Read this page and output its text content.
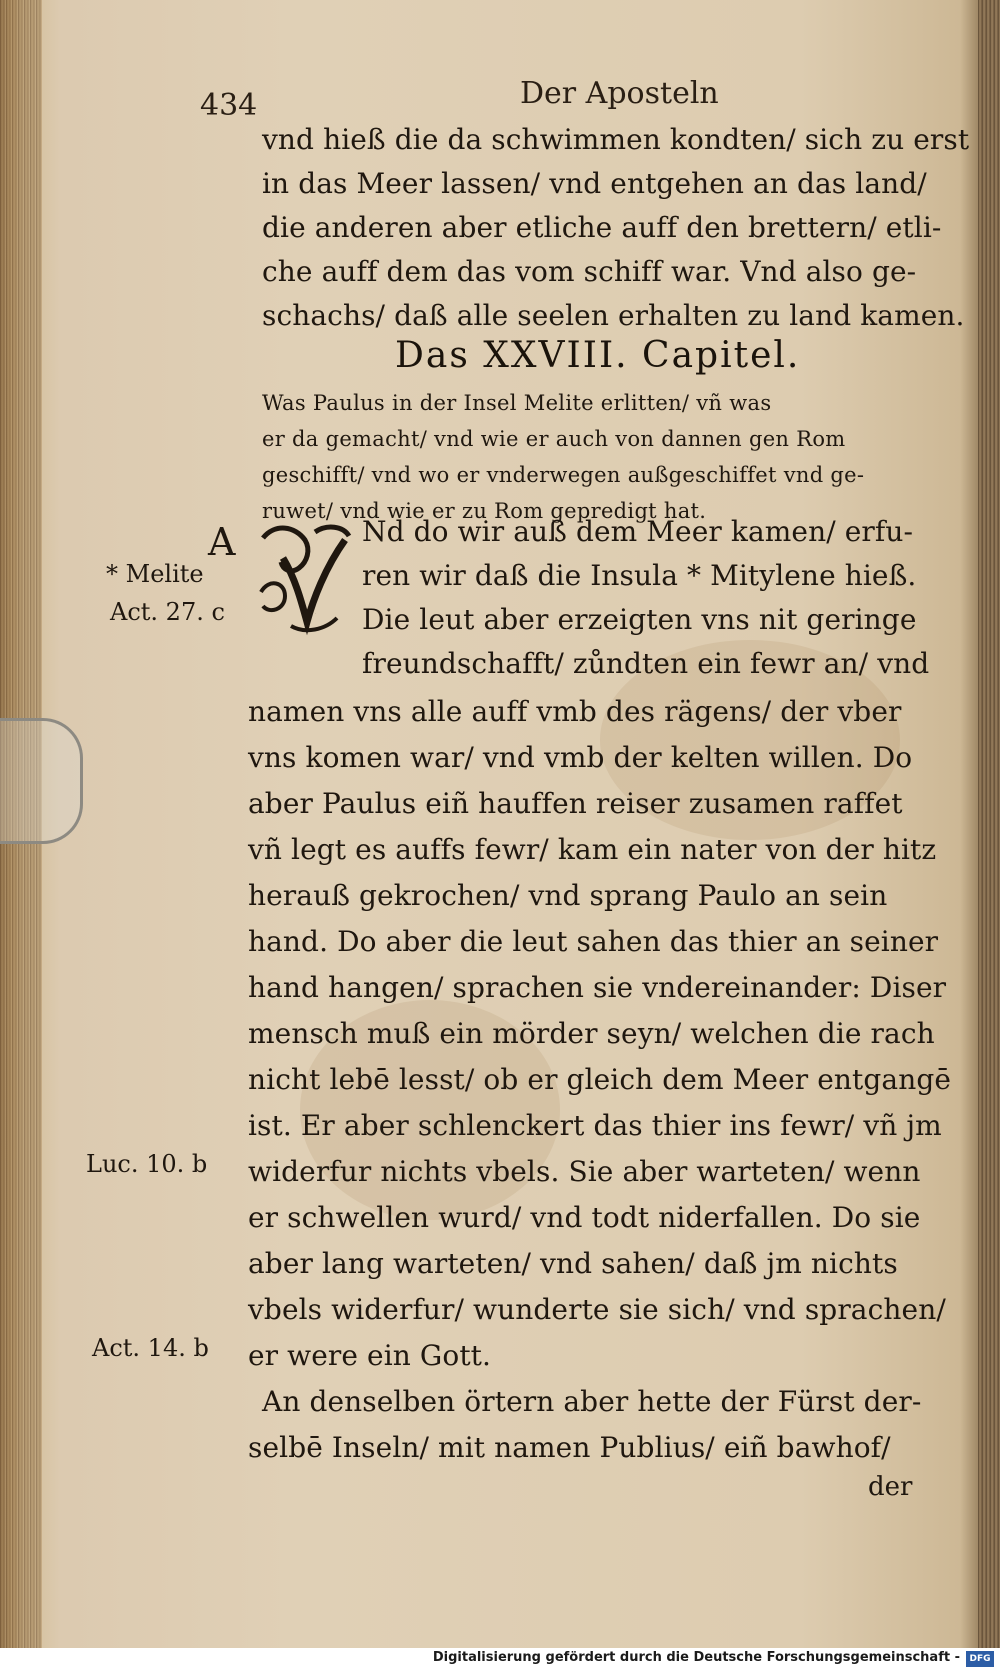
434	Der Aposteln
vnd hieß die da schwimmen kondten/ sich zu erst
in das Meer lassen/ vnd entgehen an das land/
die anderen aber etliche auff den brettern/ etli-
che auff dem das vom schiff war. Vnd also ge-
schachs/ daß alle seelen erhalten zu land kamen.
Das XXVIII. Capitel.
Was Paulus in der Insel Melite erlitten/ vñ was
er da gemacht/ vnd wie er auch von dannen gen Rom
geschifft/ vnd wo er vnderwegen außgeschiffet vnd ge-
ruwet/ vnd wie er zu Rom gepredigt hat.
A
* Melite
Act. 27. c	V
Nd do wir auß dem Meer kamen/ erfu-
ren wir daß die Insula * Mitylene hieß.
Die leut aber erzeigten vns nit geringe
freundschafft/ zůndten ein fewr an/ vnd
namen vns alle auff vmb des rägens/ der vber
vns komen war/ vnd vmb der kelten willen. Do
aber Paulus eiñ hauffen reiser zusamen raffet
vñ legt es auffs fewr/ kam ein nater von der hitz
herauß gekrochen/ vnd sprang Paulo an sein
hand. Do aber die leut sahen das thier an seiner
hand hangen/ sprachen sie vndereinander: Diser
mensch muß ein mörder seyn/ welchen die rach
nicht lebē lesst/ ob er gleich dem Meer entgangē
ist. Er aber schlenckert das thier ins fewr/ vñ jm
widerfur nichts vbels. Sie aber warteten/ wenn
er schwellen wurd/ vnd todt niderfallen. Do sie
aber lang warteten/ vnd sahen/ daß jm nichts
vbels widerfur/ wunderte sie sich/ vnd sprachen/
er were ein Gott.
An denselben örtern aber hette der Fürst der-
selbē Inseln/ mit namen Publius/ eiñ bawhof/
der
Luc. 10. b
Act. 14. b
Digitalisierung gefördert durch die Deutsche Forschungsgemeinschaft -	DFG
